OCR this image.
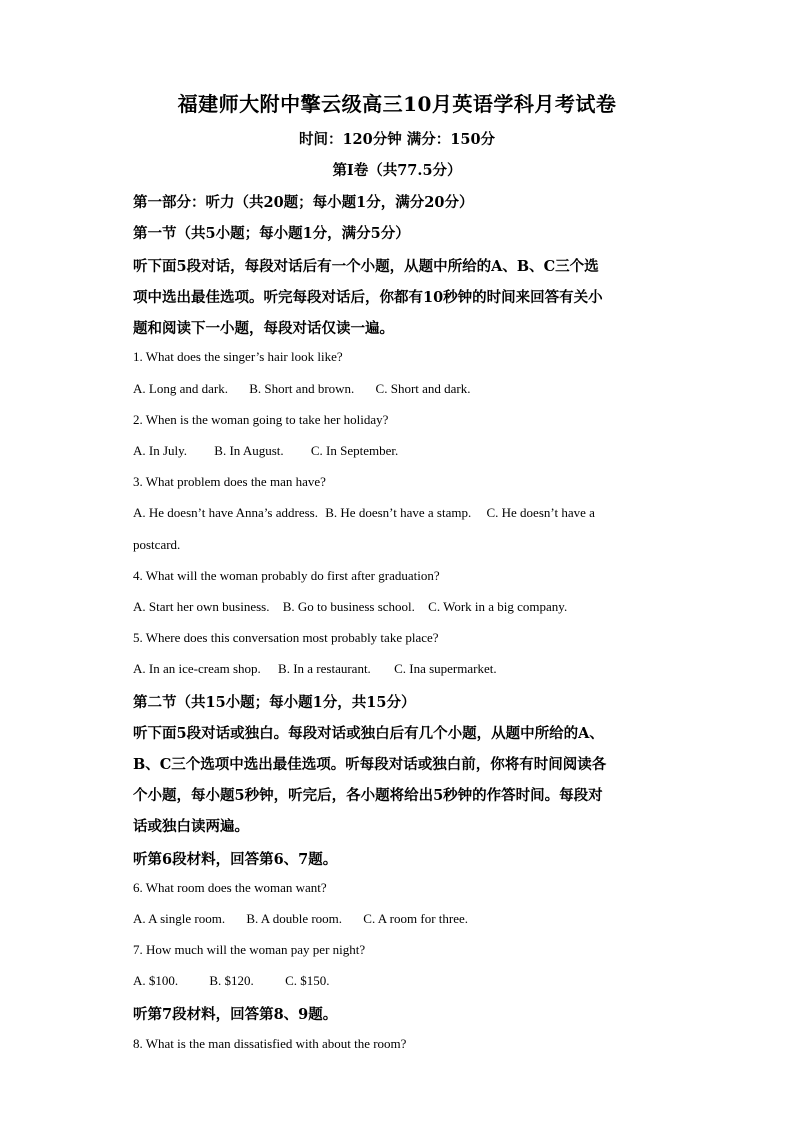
福建师大附中擎云级高三10月英语学科月考试卷
时间：120分钟 满分：150分
第Ⅰ卷（共77.5分）
第一部分：听力（共20题；每小题1分，满分20分）
第一节（共5小题；每小题1分，满分5分）
听下面5段对话，每段对话后有一个小题，从题中所给的A、B、C三个选
项中选出最佳选项。听完每段对话后，你都有10秒钟的时间来回答有关小
题和阅读下一小题，每段对话仅读一遍。
1. What does the singer’s hair look like?
A. Long and dark. B. Short and brown. C. Short and dark.
2. When is the woman going to take her holiday?
A. In July. B. In August. C. In September.
3. What problem does the man have?
A. He doesn’t have Anna’s address. B. He doesn’t have a stamp. C. He doesn’t have a
postcard.
4. What will the woman probably do first after graduation?
A. Start her own business. B. Go to business school. C. Work in a big company.
5. Where does this conversation most probably take place?
A. In an ice-cream shop. B. In a restaurant. C. Ina supermarket.
第二节（共15小题；每小题1分，共15分）
听下面5段对话或独白。每段对话或独白后有几个小题，从题中所给的A、
B、C三个选项中选出最佳选项。听每段对话或独白前，你将有时间阅读各
个小题，每小题5秒钟，听完后，各小题将给出5秒钟的作答时间。每段对
话或独白读两遍。
听第6段材料，回答第6、7题。
6. What room does the woman want?
A. A single room. B. A double room. C. A room for three.
7. How much will the woman pay per night?
A. $100. B. $120. C. $150.
听第7段材料，回答第8、9题。
8. What is the man dissatisfied with about the room?
